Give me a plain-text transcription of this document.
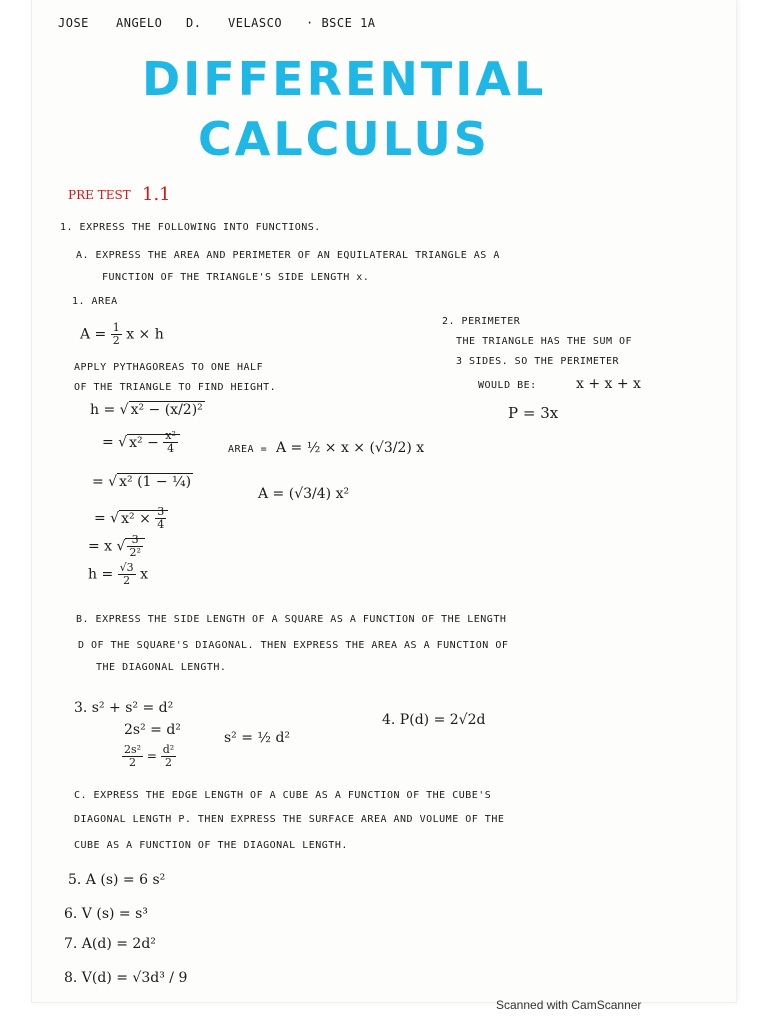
JOSE ANGELO D. VELASCO · BSCE 1A
DIFFERENTIAL
CALCULUS
PRE TEST 1.1
1. EXPRESS THE FOLLOWING INTO FUNCTIONS.
A. EXPRESS THE AREA AND PERIMETER OF AN EQUILATERAL TRIANGLE AS A
FUNCTION OF THE TRIANGLE'S SIDE LENGTH x.
1. AREA
$A = \frac{1}{2}$ x × h
APPLY PYTHAGOREAS TO ONE HALF
OF THE TRIANGLE TO FIND HEIGHT.
h = √ x² − (x/2)²
= √ $x^2 - \frac{\text{x²}}{4}$
= √ x² (1 − ¼)
= √ $x^2 \times \frac{3}{4}$
= x √ $\frac{3}{\text{2²}}$
$h = \frac{√3}{2}$ x
AREA = A = ½ × x × (√3/2) x
A = (√3/4) x²
2. PERIMETER
THE TRIANGLE HAS THE SUM OF
3 SIDES. SO THE PERIMETER
WOULD BE:	x + x + x
P = 3x
B. EXPRESS THE SIDE LENGTH OF A SQUARE AS A FUNCTION OF THE LENGTH
D OF THE SQUARE'S DIAGONAL. THEN EXPRESS THE AREA AS A FUNCTION OF
THE DIAGONAL LENGTH.
3. s² + s² = d²
2s² = d²	s² = ½ d²
$\frac{\text{2s²}}{2} = \frac{\text{d²}}{2}$
4. P(d) = 2√2d
C. EXPRESS THE EDGE LENGTH OF A CUBE AS A FUNCTION OF THE CUBE'S
DIAGONAL LENGTH P. THEN EXPRESS THE SURFACE AREA AND VOLUME OF THE
CUBE AS A FUNCTION OF THE DIAGONAL LENGTH.
5. A (s) = 6 s²
6. V (s) = s³
7. A(d) = 2d²
8. V(d) = √3d³ / 9
Scanned with CamScanner
